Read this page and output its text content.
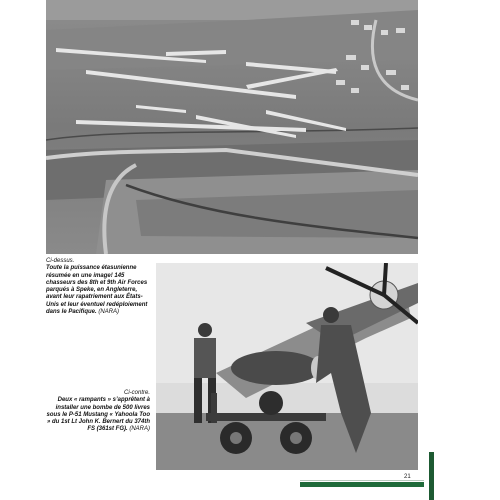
Ci-dessus.
Toute la puissance étasunienne résumée en une image! 145 chasseurs des 8th et 9th Air Forces parqués à Speke, en Angleterre, avant leur rapatriement aux États-Unis et leur éventuel redéploiement dans le Pacifique. (NARA)
Ci-contre.
Deux « rampants » s’apprêtent à installer une bombe de 500 livres sous le P-51 Mustang « Yahoola Too » du 1st Lt John K. Bernert du 374th FS (361st FG). (NARA)
21
